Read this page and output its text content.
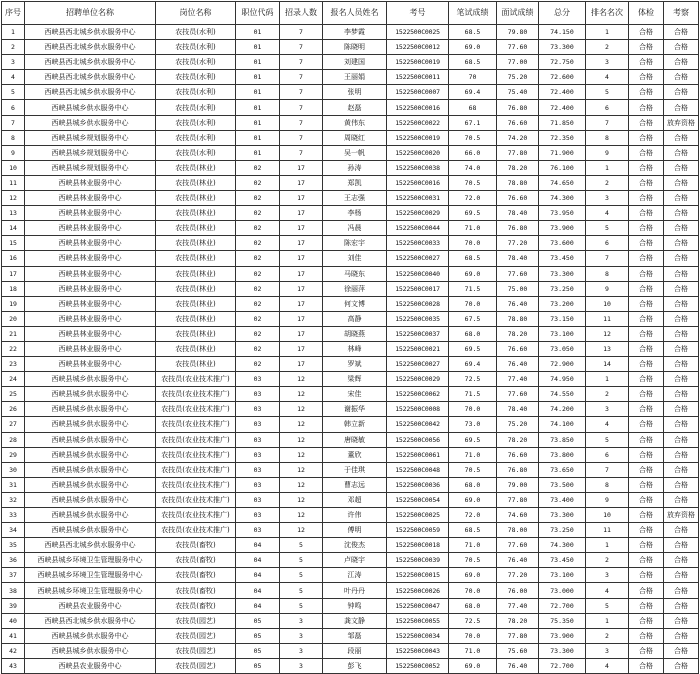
序号	招聘单位名称	岗位名称	职位代码	招录人数	报名人员姓名	考号	笔试成绩	面试成绩	总分	排名名次	体检	考察
1	西峡县西北城乡供水服务中心	农技员(水利)	01	7	李梦霞	1522500C0025	68.5	79.80	74.150	1	合格	合格
2	西峡县西北城乡供水服务中心	农技员(水利)	01	7	陈晓明	1522500C0012	69.0	77.60	73.300	2	合格	合格
3	西峡县西北城乡供水服务中心	农技员(水利)	01	7	刘建国	1522500C0019	68.5	77.00	72.750	3	合格	合格
4	西峡县西北城乡供水服务中心	农技员(水利)	01	7	王丽娟	1522500C0011	70	75.20	72.600	4	合格	合格
5	西峡县西北城乡供水服务中心	农技员(水利)	01	7	张明	1522500C0007	69.4	75.40	72.400	5	合格	合格
6	西峡县城乡供水服务中心	农技员(水利)	01	7	赵磊	1522500C0016	68	76.80	72.400	6	合格	合格
7	西峡县城乡供水服务中心	农技员(水利)	01	7	黄伟东	1522500C0022	67.1	76.60	71.850	7	合格	放弃资格
8	西峡县城乡规划服务中心	农技员(水利)	01	7	周晓红	1522500C0019	70.5	74.20	72.350	8	合格	合格
9	西峡县城乡规划服务中心	农技员(水利)	01	7	吴一帆	1522500C0020	66.0	77.80	71.900	9	合格	合格
10	西峡县城乡规划服务中心	农技员(林业)	02	17	孙涛	1522500C0038	74.0	78.20	76.100	1	合格	合格
11	西峡县林业服务中心	农技员(林业)	02	17	郑凯	1522500C0016	70.5	78.80	74.650	2	合格	合格
12	西峡县林业服务中心	农技员(林业)	02	17	王志强	1522500C0031	72.0	76.60	74.300	3	合格	合格
13	西峡县林业服务中心	农技员(林业)	02	17	李杨	1522500C0029	69.5	78.40	73.950	4	合格	合格
14	西峡县林业服务中心	农技员(林业)	02	17	冯晨	1522500C0044	71.0	76.80	73.900	5	合格	合格
15	西峡县林业服务中心	农技员(林业)	02	17	陈宏宇	1522500C0033	70.0	77.20	73.600	6	合格	合格
16	西峡县林业服务中心	农技员(林业)	02	17	刘佳	1522500C0027	68.5	78.40	73.450	7	合格	合格
17	西峡县林业服务中心	农技员(林业)	02	17	马晓东	1522500C0040	69.0	77.60	73.300	8	合格	合格
18	西峡县林业服务中心	农技员(林业)	02	17	徐丽萍	1522500C0017	71.5	75.00	73.250	9	合格	合格
19	西峡县林业服务中心	农技员(林业)	02	17	何文博	1522500C0028	70.0	76.40	73.200	10	合格	合格
20	西峡县林业服务中心	农技员(林业)	02	17	高静	1522500C0035	67.5	78.80	73.150	11	合格	合格
21	西峡县林业服务中心	农技员(林业)	02	17	胡晓燕	1522500C0037	68.0	78.20	73.100	12	合格	合格
22	西峡县林业服务中心	农技员(林业)	02	17	林峰	1522500C0021	69.5	76.60	73.050	13	合格	合格
23	西峡县林业服务中心	农技员(林业)	02	17	罗斌	1522500C0027	69.4	76.40	72.900	14	合格	合格
24	西峡县城乡供水服务中心	农技员(农业技术推广)	03	12	梁辉	1522500C0029	72.5	77.40	74.950	1	合格	合格
25	西峡县城乡供水服务中心	农技员(农业技术推广)	03	12	宋佳	1522500C0062	71.5	77.60	74.550	2	合格	合格
26	西峡县城乡供水服务中心	农技员(农业技术推广)	03	12	谢振华	1522500C0008	70.0	78.40	74.200	3	合格	合格
27	西峡县城乡供水服务中心	农技员(农业技术推广)	03	12	韩立新	1522500C0042	73.0	75.20	74.100	4	合格	合格
28	西峡县城乡供水服务中心	农技员(农业技术推广)	03	12	唐晓敏	1522500C0056	69.5	78.20	73.850	5	合格	合格
29	西峡县城乡供水服务中心	农技员(农业技术推广)	03	12	董欣	1522500C0061	71.0	76.60	73.800	6	合格	合格
30	西峡县城乡供水服务中心	农技员(农业技术推广)	03	12	于佳琪	1522500C0048	70.5	76.80	73.650	7	合格	合格
31	西峡县城乡供水服务中心	农技员(农业技术推广)	03	12	曹志远	1522500C0036	68.0	79.00	73.500	8	合格	合格
32	西峡县城乡供水服务中心	农技员(农业技术推广)	03	12	邓超	1522500C0054	69.0	77.80	73.400	9	合格	合格
33	西峡县城乡供水服务中心	农技员(农业技术推广)	03	12	许伟	1522500C0025	72.0	74.60	73.300	10	合格	放弃资格
34	西峡县城乡供水服务中心	农技员(农业技术推广)	03	12	傅明	1522500C0059	68.5	78.00	73.250	11	合格	合格
35	西峡县西北城乡供水服务中心	农技员(畜牧)	04	5	沈俊杰	1522500C0018	71.0	77.60	74.300	1	合格	合格
36	西峡县城乡环境卫生管理服务中心	农技员(畜牧)	04	5	卢晓宇	1522500C0039	70.5	76.40	73.450	2	合格	合格
37	西峡县城乡环境卫生管理服务中心	农技员(畜牧)	04	5	江涛	1522500C0015	69.0	77.20	73.100	3	合格	合格
38	西峡县城乡环境卫生管理服务中心	农技员(畜牧)	04	5	叶丹丹	1522500C0026	70.0	76.00	73.000	4	合格	合格
39	西峡县农业服务中心	农技员(畜牧)	04	5	钟鸣	1522500C0047	68.0	77.40	72.700	5	合格	合格
40	西峡县西北城乡供水服务中心	农技员(园艺)	05	3	龚文静	1522500C0055	72.5	78.20	75.350	1	合格	合格
41	西峡县城乡供水服务中心	农技员(园艺)	05	3	邹磊	1522500C0034	70.0	77.80	73.900	2	合格	合格
42	西峡县城乡供水服务中心	农技员(园艺)	05	3	段丽	1522500C0043	71.0	75.60	73.300	3	合格	合格
43	西峡县农业服务中心	农技员(园艺)	05	3	彭飞	1522500C0052	69.0	76.40	72.700	4	合格	合格
